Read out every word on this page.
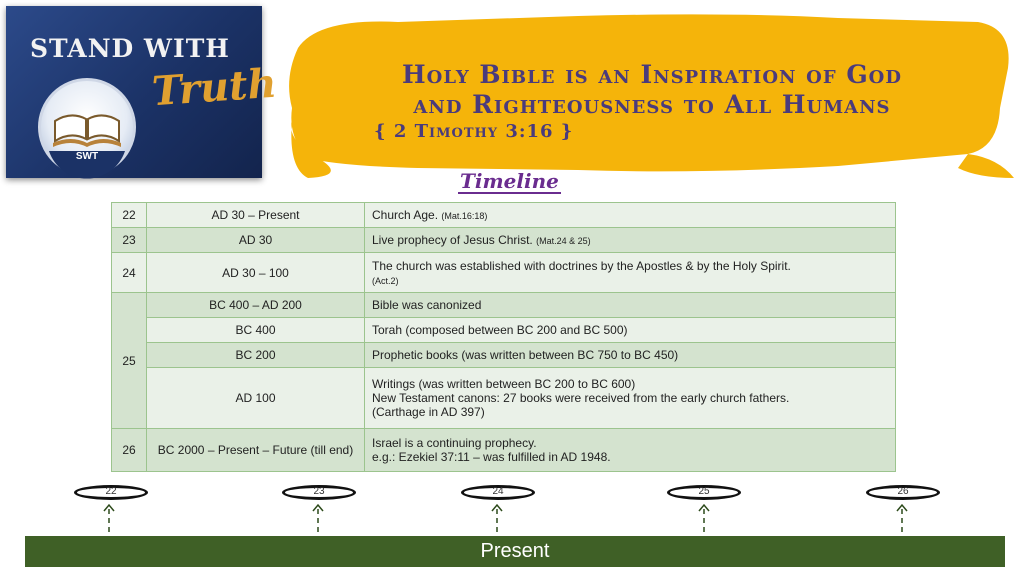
STAND WITH
Truth
SWT
Holy Bible is an Inspiration of God
and Righteousness to All Humans
{ 2 Timothy 3:16 }
Timeline
22	AD 30 – Present	Church Age. (Mat.16:18)
23	AD 30	Live prophecy of Jesus Christ. (Mat.24 & 25)
24	AD 30 – 100	The church was established with doctrines by the Apostles & by the Holy Spirit.
(Act.2)
25	BC 400 – AD 200	Bible was canonized
	BC 400	Torah (composed between BC 200 and BC 500)
	BC 200	Prophetic books (was written between BC 750 to BC 450)
	AD 100	Writings (was written between BC 200 to BC 600)
New Testament canons: 27 books were received from the early church fathers.
(Carthage in AD 397)

26	BC 2000 – Present – Future (till end)	Israel is a continuing prophecy.
e.g.: Ezekiel 37:11 – was fulfilled in AD 1948.
22	23	24	25	26
Present
